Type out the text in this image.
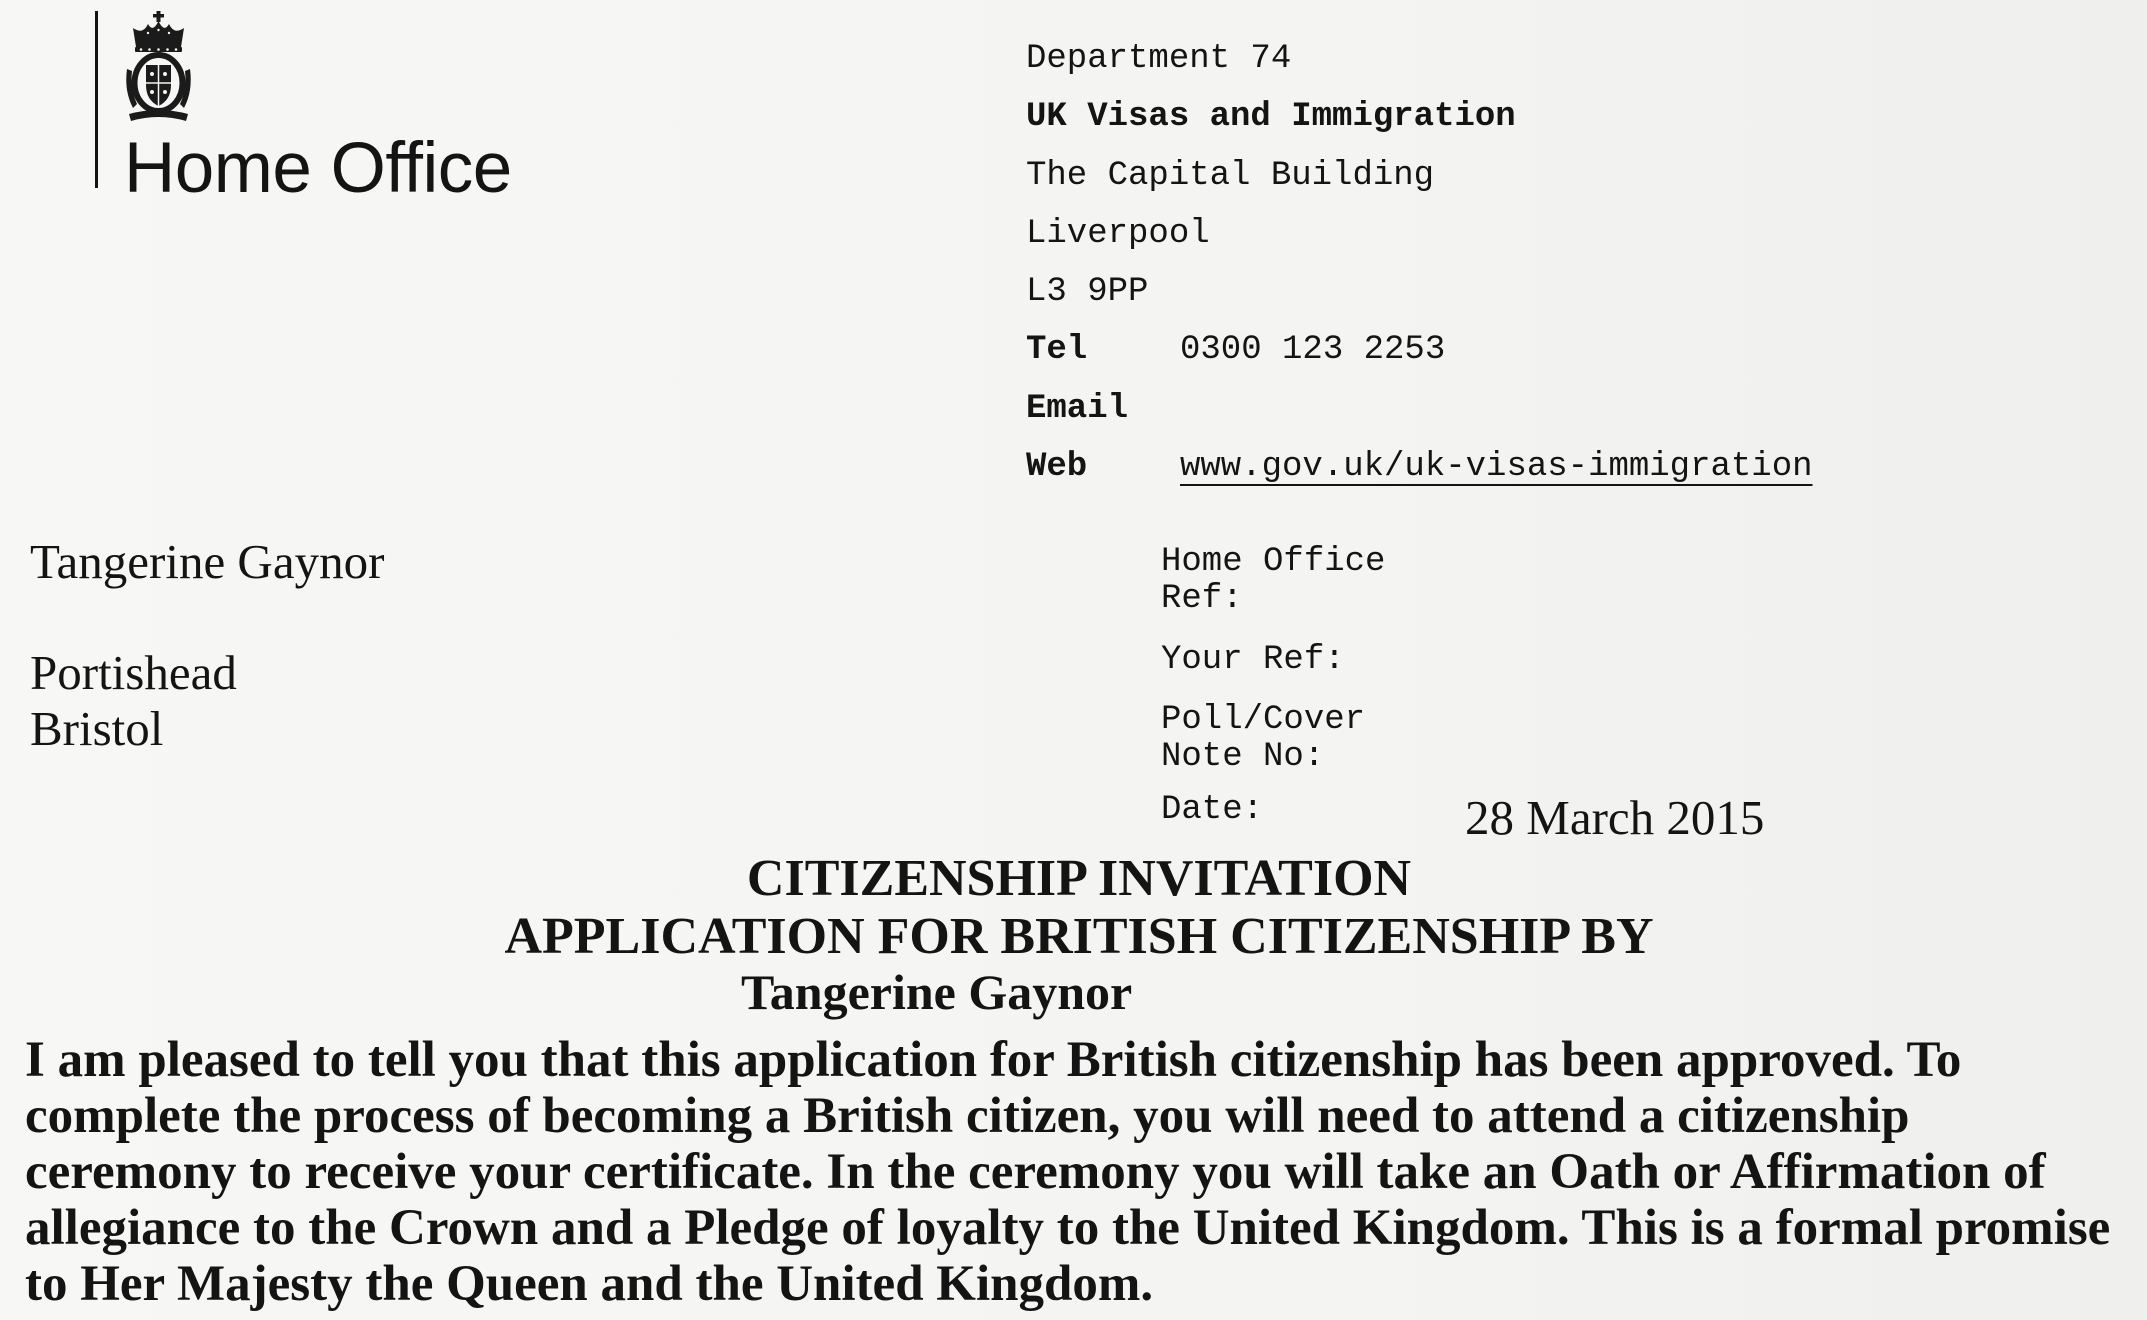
Home Office
Department 74
UK Visas and Immigration
The Capital Building
Liverpool
L3 9PP
Tel	0300 123 2253
Email
Web	www.gov.uk/uk-visas-immigration
Tangerine Gaynor
Portishead
Bristol
Home Office
Ref:
Your Ref:
Poll/Cover
Note No:
Date:	28 March 2015
CITIZENSHIP INVITATION
APPLICATION FOR BRITISH CITIZENSHIP BY
Tangerine Gaynor
I am pleased to tell you that this application for British citizenship has been approved. To
complete the process of becoming a British citizen, you will need to attend a citizenship
ceremony to receive your certificate. In the ceremony you will take an Oath or Affirmation of
allegiance to the Crown and a Pledge of loyalty to the United Kingdom. This is a formal promise
to Her Majesty the Queen and the United Kingdom.
